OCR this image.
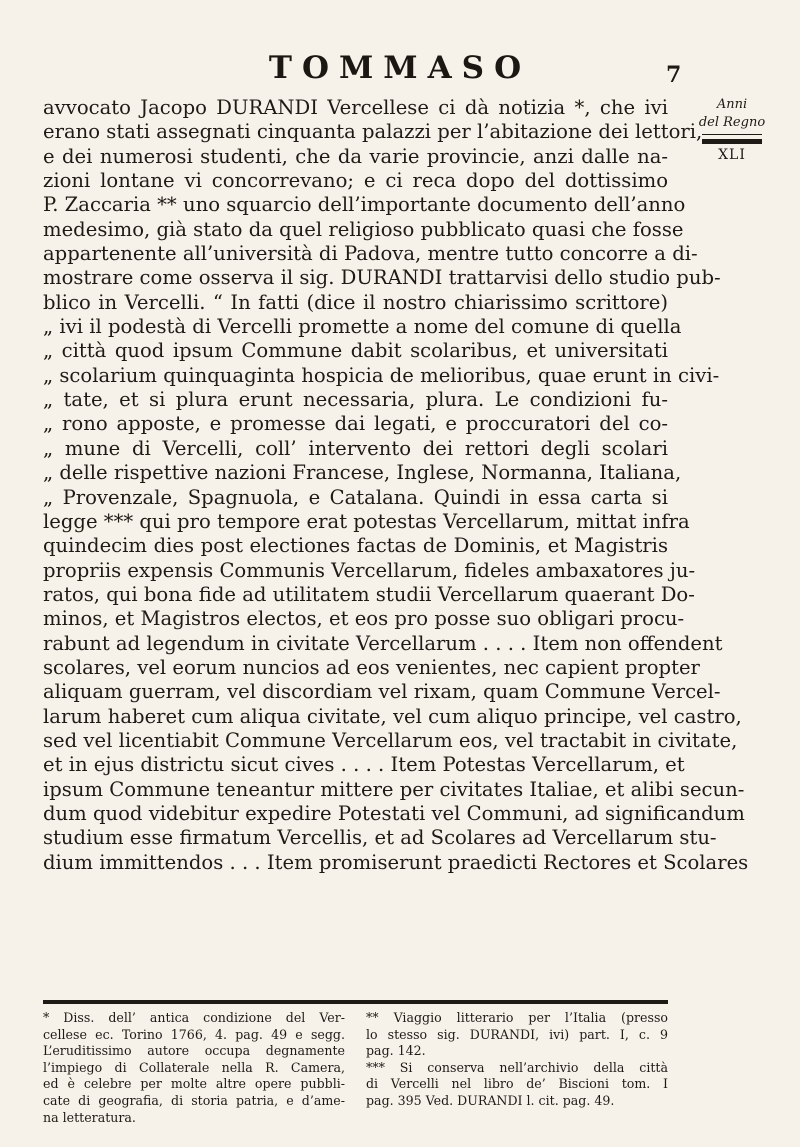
TOMMASO	7
Anni
del Regno
XLI
avvocato Jacopo DURANDI Vercellese ci dà notizia *, che ivi
erano stati assegnati cinquanta palazzi per l’abitazione dei lettori,
e dei numerosi studenti, che da varie provincie, anzi dalle na-
zioni lontane vi concorrevano; e ci reca dopo del dottissimo
P. Zaccaria ** uno squarcio dell’importante documento dell’anno
medesimo, già stato da quel religioso pubblicato quasi che fosse
appartenente all’università di Padova, mentre tutto concorre a di-
mostrare come osserva il sig. DURANDI trattarvisi dello studio pub-
blico in Vercelli. “ In fatti (dice il nostro chiarissimo scrittore)
„ ivi il podestà di Vercelli promette a nome del comune di quella
„ città quod ipsum Commune dabit scolaribus, et universitati
„ scolarium quinquaginta hospicia de melioribus, quae erunt in civi-
„ tate, et si plura erunt necessaria, plura. Le condizioni fu-
„ rono apposte, e promesse dai legati, e proccuratori del co-
„ mune di Vercelli, coll’ intervento dei rettori degli scolari
„ delle rispettive nazioni Francese, Inglese, Normanna, Italiana,
„ Provenzale, Spagnuola, e Catalana. Quindi in essa carta si
legge *** qui pro tempore erat potestas Vercellarum, mittat infra
quindecim dies post electiones factas de Dominis, et Magistris
propriis expensis Communis Vercellarum, fideles ambaxatores ju-
ratos, qui bona fide ad utilitatem studii Vercellarum quaerant Do-
minos, et Magistros electos, et eos pro posse suo obligari procu-
rabunt ad legendum in civitate Vercellarum . . . . Item non offendent
scolares, vel eorum nuncios ad eos venientes, nec capient propter
aliquam guerram, vel discordiam vel rixam, quam Commune Vercel-
larum haberet cum aliqua civitate, vel cum aliquo principe, vel castro,
sed vel licentiabit Commune Vercellarum eos, vel tractabit in civitate,
et in ejus districtu sicut cives . . . . Item Potestas Vercellarum, et
ipsum Commune teneantur mittere per civitates Italiae, et alibi secun-
dum quod videbitur expedire Potestati vel Communi, ad significandum
studium esse firmatum Vercellis, et ad Scolares ad Vercellarum stu-
dium immittendos . . . Item promiserunt praedicti Rectores et Scolares
* Diss. dell’ antica condizione del Ver-
cellese ec. Torino 1766, 4. pag. 49 e segg.
L’eruditissimo autore occupa degnamente
l’impiego di Collaterale nella R. Camera,
ed è celebre per molte altre opere pubbli-
cate di geografia, di storia patria, e d’ame-
na letteratura.
** Viaggio litterario per l’Italia (presso
lo stesso sig. DURANDI, ivi) part. I, c. 9
pag. 142.
*** Si conserva nell’archivio della città
di Vercelli nel libro de’ Biscioni tom. I
pag. 395 Ved. DURANDI l. cit. pag. 49.
